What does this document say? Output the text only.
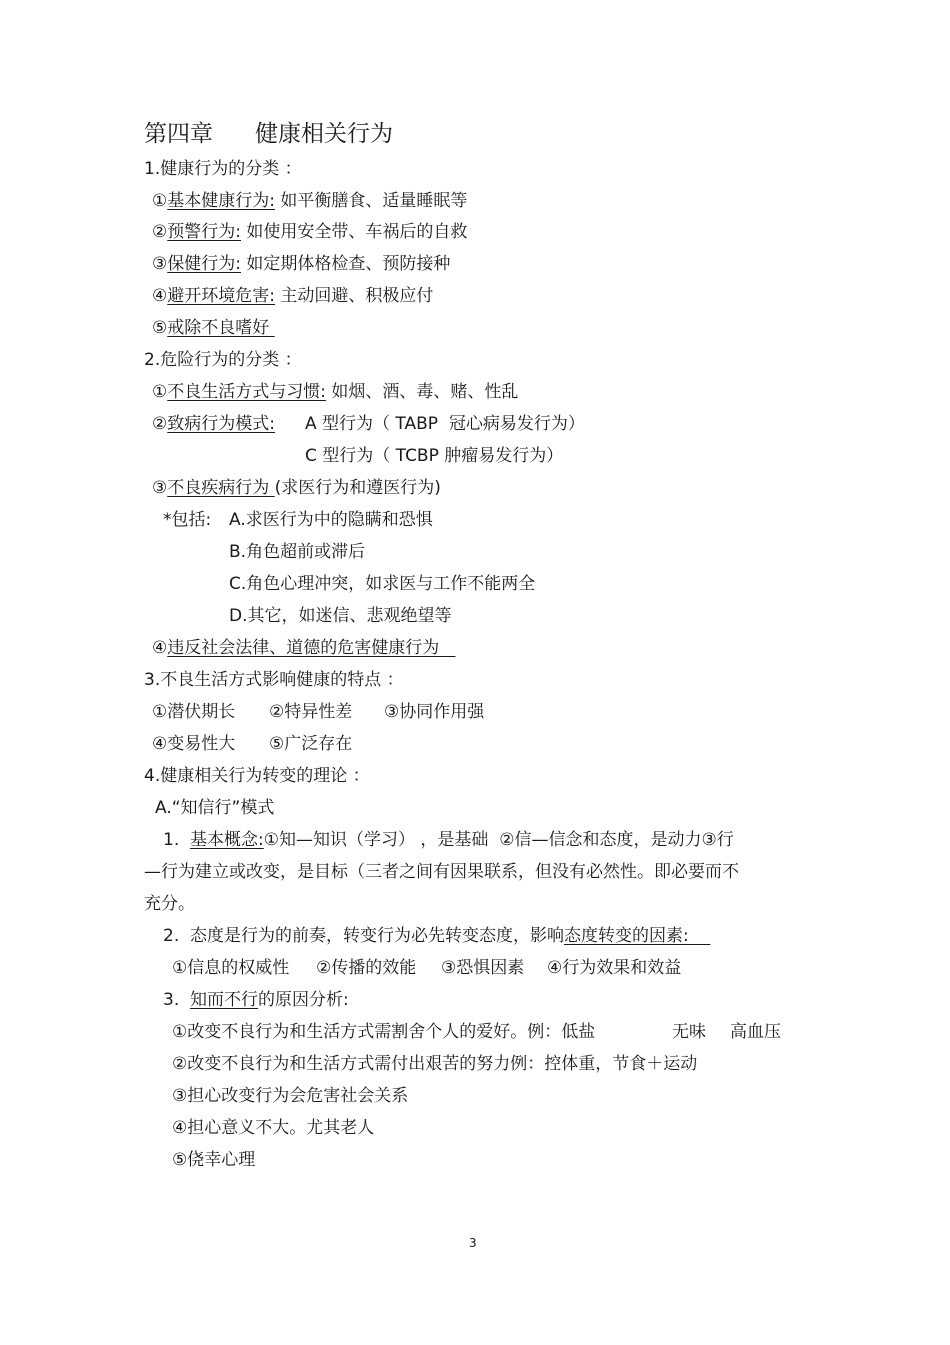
第四章 健康相关行为
1.健康行为的分类 ：
①基本健康行为: 如平衡膳食、适量睡眠等
②预警行为: 如使用安全带、车祸后的自救
③保健行为: 如定期体格检查、预防接种
④避开环境危害: 主动回避、积极应付
⑤戒除不良嗜好
2.危险行为的分类 ：
①不良生活方式与习惯: 如烟、酒、毒、赌、性乱
②致病行为模式: A 型行为（ TABP  冠心病易发行为）
C 型行为（ TCBP 肿瘤易发行为）
③不良疾病行为 (求医行为和遵医行为)
*包括: A.求医行为中的隐瞒和恐惧
B.角色超前或滞后
C.角色心理冲突，如求医与工作不能两全
D.其它，如迷信、悲观绝望等
④违反社会法律、道德的危害健康行为
3.不良生活方式影响健康的特点 ：
①潜伏期长 ②特异性差 ③协同作用强
④变易性大 ⑤广泛存在
4.健康相关行为转变的理论 ：
A.“知信行”模式
1. 基本概念:①知—知识（学习） ，是基础  ②信—信念和态度，是动力③行
—行为建立或改变，是目标（三者之间有因果联系，但没有必然性。即必要而不
充分。
2. 态度是行为的前奏，转变行为必先转变态度，影响态度转变的因素:
①信息的权威性 ②传播的效能 ③恐惧因素 ④行为效果和效益
3. 知而不行的原因分析:
①改变不良行为和生活方式需割舍个人的爱好。例：低盐	无味 高血压
②改变不良行为和生活方式需付出艰苦的努力例：控体重，节食＋运动
③担心改变行为会危害社会关系
④担心意义不大。尤其老人
⑤侥幸心理
3
